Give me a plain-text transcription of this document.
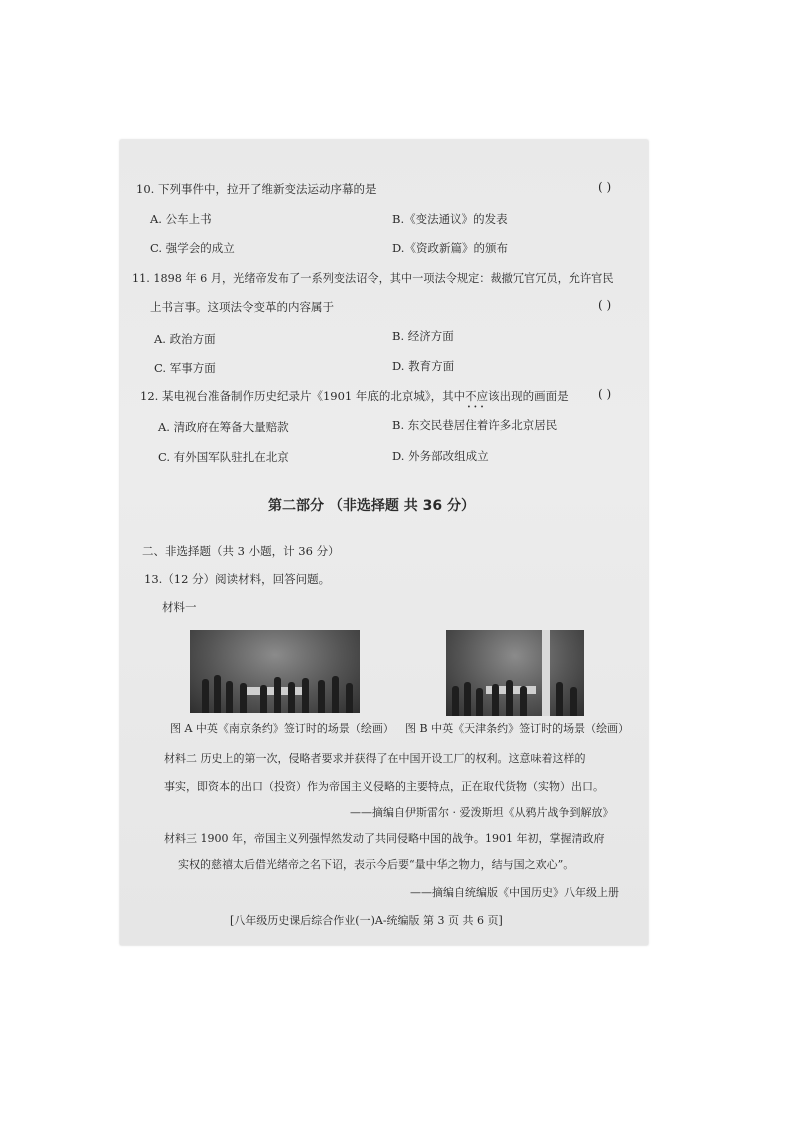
10. 下列事件中，拉开了维新变法运动序幕的是	( )
A. 公车上书	B.《变法通议》的发表
C. 强学会的成立	D.《资政新篇》的颁布
11. 1898 年 6 月，光绪帝发布了一系列变法诏令，其中一项法令规定：裁撤冗官冗员，允许官民
上书言事。这项法令变革的内容属于	( )
A. 政治方面	B. 经济方面
C. 军事方面	D. 教育方面
12. 某电视台准备制作历史纪录片《1901 年底的北京城》，其中不应该 •••出现的画面是 ( )
A. 清政府在筹备大量赔款	B. 东交民巷居住着许多北京居民
C. 有外国军队驻扎在北京	D. 外务部改组成立
第二部分 （非选择题 共 36 分）
二、非选择题（共 3 小题，计 36 分）
13.（12 分）阅读材料，回答问题。
材料一
图 A 中英《南京条约》签订时的场景（绘画） 图 B 中英《天津条约》签订时的场景（绘画）
材料二 历史上的第一次，侵略者要求并获得了在中国开设工厂的权利。这意味着这样的
事实，即资本的出口（投资）作为帝国主义侵略的主要特点，正在取代货物（实物）出口。
——摘编自伊斯雷尔 · 爱泼斯坦《从鸦片战争到解放》
材料三 1900 年，帝国主义列强悍然发动了共同侵略中国的战争。1901 年初，掌握清政府
实权的慈禧太后借光绪帝之名下诏，表示今后要“量中华之物力，结与国之欢心”。
——摘编自统编版《中国历史》八年级上册
[八年级历史课后综合作业(一)A-统编版 第 3 页 共 6 页]
